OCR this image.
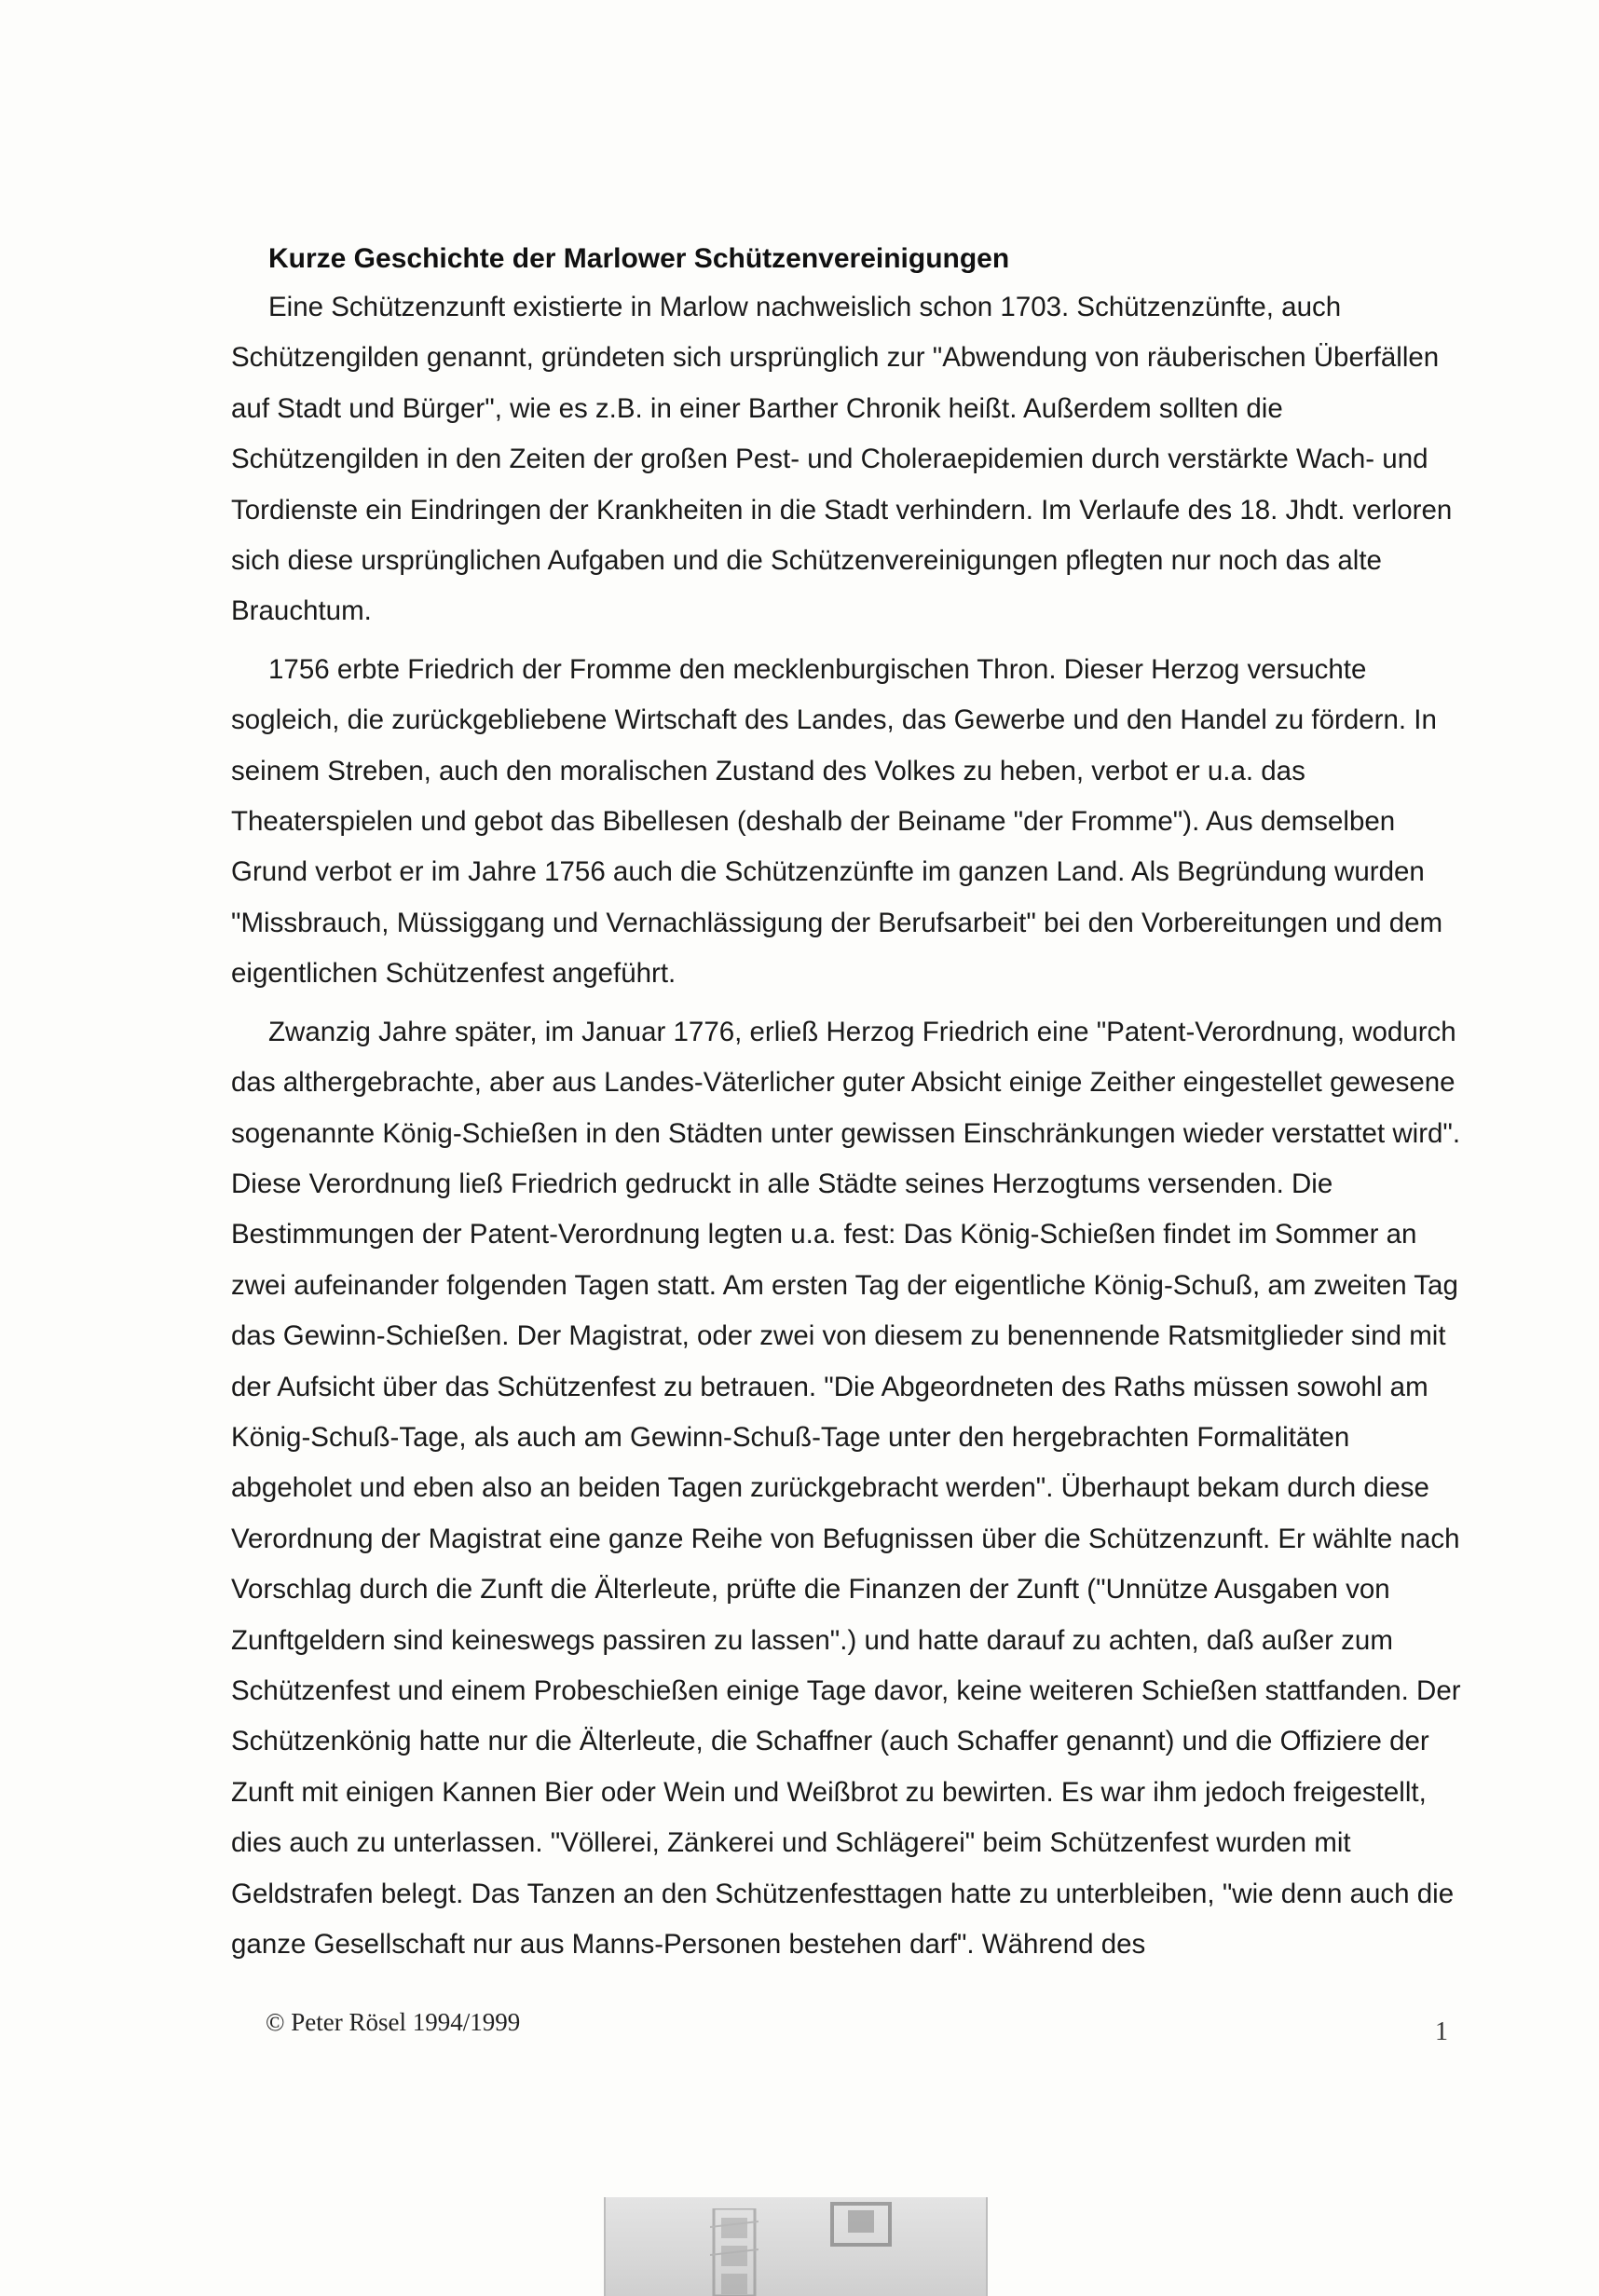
Kurze Geschichte der Marlower Schützenvereinigungen

Eine Schützenzunft existierte in Marlow nachweislich schon 1703. Schützenzünfte, auch Schützengilden genannt, gründeten sich ursprünglich zur "Abwendung von räuberischen Überfällen auf Stadt und Bürger", wie es z.B. in einer Barther Chronik heißt. Außerdem sollten die Schützengilden in den Zeiten der großen Pest- und Choleraepidemien durch verstärkte Wach- und Tordienste ein Eindringen der Krankheiten in die Stadt verhindern. Im Verlaufe des 18. Jhdt. verloren sich diese ursprünglichen Aufgaben und die Schützenvereinigungen pflegten nur noch das alte Brauchtum.

1756 erbte Friedrich der Fromme den mecklenburgischen Thron. Dieser Herzog versuchte sogleich, die zurückgebliebene Wirtschaft des Landes, das Gewerbe und den Handel zu fördern. In seinem Streben, auch den moralischen Zustand des Volkes zu heben, verbot er u.a. das Theaterspielen und gebot das Bibellesen (deshalb der Beiname "der Fromme"). Aus demselben Grund verbot er im Jahre 1756 auch die Schützenzünfte im ganzen Land. Als Begründung wurden "Missbrauch, Müssiggang und Vernachlässigung der Berufsarbeit" bei den Vorbereitungen und dem eigentlichen Schützenfest angeführt.

Zwanzig Jahre später, im Januar 1776, erließ Herzog Friedrich eine "Patent-Verordnung, wodurch das althergebrachte, aber aus Landes-Väterlicher guter Absicht einige Zeither eingestellet gewesene sogenannte König-Schießen in den Städten unter gewissen Einschränkungen wieder verstattet wird". Diese Verordnung ließ Friedrich gedruckt in alle Städte seines Herzogtums versenden. Die Bestimmungen der Patent-Verordnung legten u.a. fest: Das König-Schießen findet im Sommer an zwei aufeinander folgenden Tagen statt. Am ersten Tag der eigentliche König-Schuß, am zweiten Tag das Gewinn-Schießen. Der Magistrat, oder zwei von diesem zu benennende Ratsmitglieder sind mit der Aufsicht über das Schützenfest zu betrauen. "Die Abgeordneten des Raths müssen sowohl am König-Schuß-Tage, als auch am Gewinn-Schuß-Tage unter den hergebrachten Formalitäten abgeholet und eben also an beiden Tagen zurückgebracht werden". Überhaupt bekam durch diese Verordnung der Magistrat eine ganze Reihe von Befugnissen über die Schützenzunft. Er wählte nach Vorschlag durch die Zunft die Älterleute, prüfte die Finanzen der Zunft ("Unnütze Ausgaben von Zunftgeldern sind keineswegs passiren zu lassen".) und hatte darauf zu achten, daß außer zum Schützenfest und einem Probeschießen einige Tage davor, keine weiteren Schießen stattfanden. Der Schützenkönig hatte nur die Älterleute, die Schaffner (auch Schaffer genannt) und die Offiziere der Zunft mit einigen Kannen Bier oder Wein und Weißbrot zu bewirten. Es war ihm jedoch freigestellt, dies auch zu unterlassen. "Völlerei, Zänkerei und Schlägerei" beim Schützenfest wurden mit Geldstrafen belegt. Das Tanzen an den Schützenfesttagen hatte zu unterbleiben, "wie denn auch die ganze Gesellschaft nur aus Manns-Personen bestehen darf". Während des

© Peter Rösel 1994/1999	1
